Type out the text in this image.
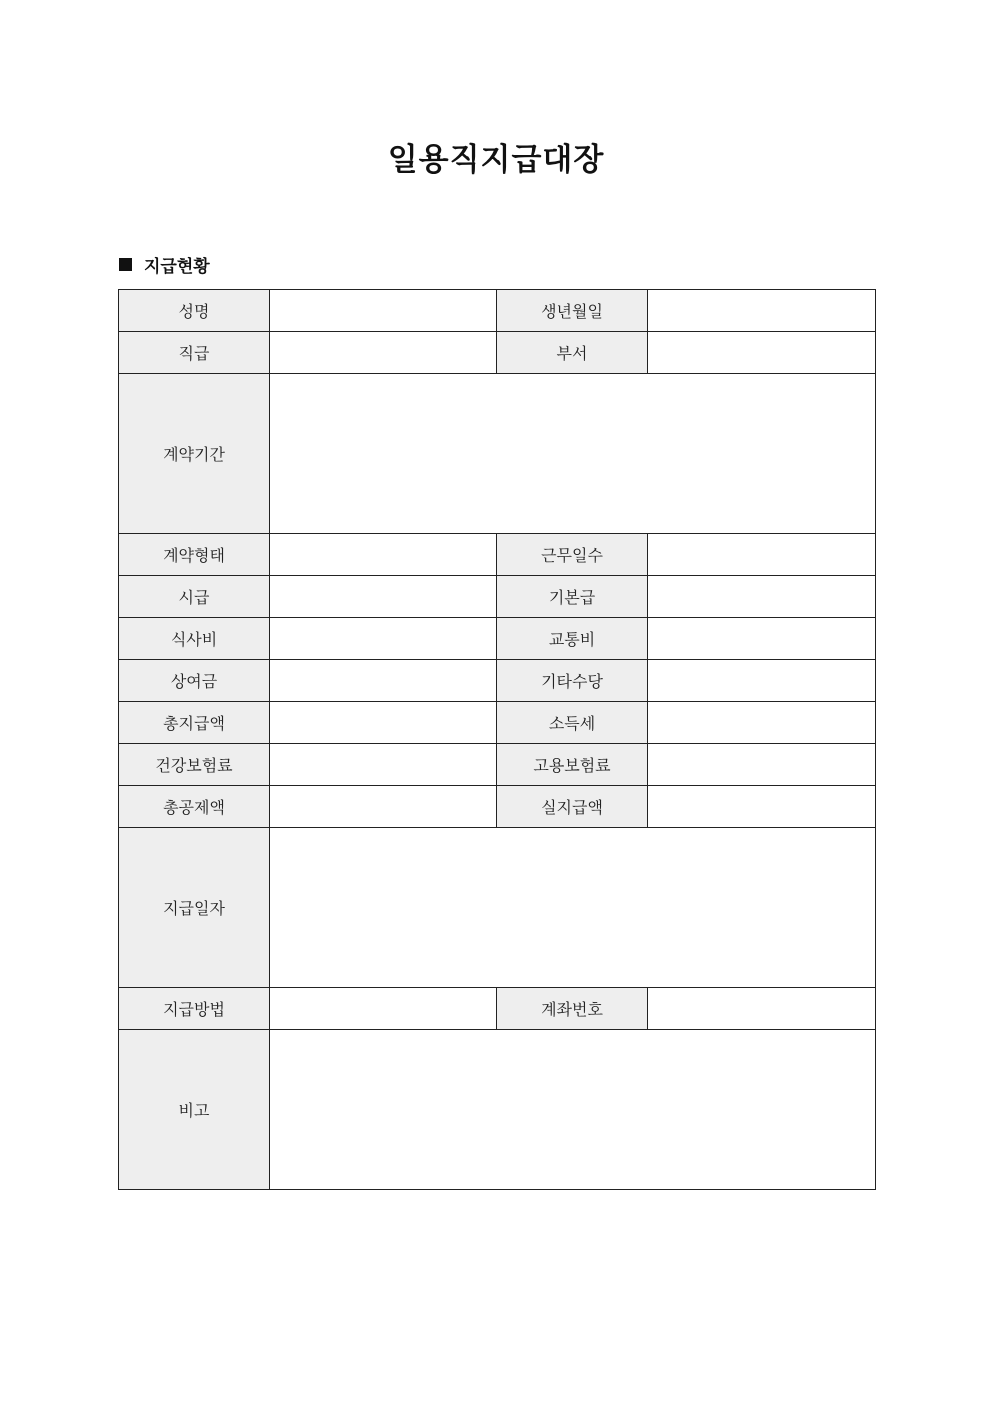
일용직지급대장
지급현황
성명		생년월일	
직급		부서	
계약기간			
계약형태		근무일수	
시급		기본급	
식사비		교통비	
상여금		기타수당	
총지급액		소득세	
건강보험료		고용보험료	
총공제액		실지급액	
지급일자			
지급방법		계좌번호	
비고			
